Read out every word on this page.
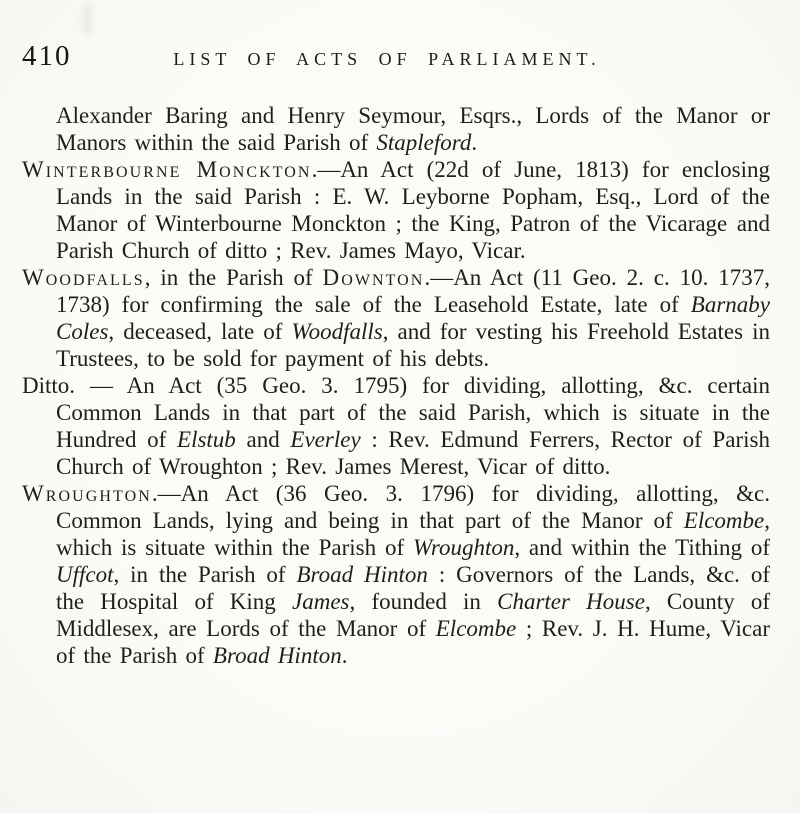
410	LIST OF ACTS OF PARLIAMENT.

Alexander Baring and Henry Seymour, Esqrs., Lords of the Manor or Manors within the said Parish of Stapleford.

Winterbourne Monckton.—An Act (22d of June, 1813) for enclosing Lands in the said Parish : E. W. Leyborne Popham, Esq., Lord of the Manor of Winterbourne Monckton ; the King, Patron of the Vicarage and Parish Church of ditto ; Rev. James Mayo, Vicar.

Woodfalls, in the Parish of Downton.—An Act (11 Geo. 2. c. 10. 1737, 1738) for confirming the sale of the Leasehold Estate, late of Barnaby Coles, deceased, late of Woodfalls, and for vesting his Freehold Estates in Trustees, to be sold for payment of his debts.

Ditto. — An Act (35 Geo. 3. 1795) for dividing, allotting, &c. certain Common Lands in that part of the said Parish, which is situate in the Hundred of Elstub and Everley : Rev. Edmund Ferrers, Rector of Parish Church of Wroughton ; Rev. James Merest, Vicar of ditto.

Wroughton.—An Act (36 Geo. 3. 1796) for dividing, allotting, &c. Common Lands, lying and being in that part of the Manor of Elcombe, which is situate within the Parish of Wroughton, and within the Tithing of Uffcot, in the Parish of Broad Hinton : Governors of the Lands, &c. of the Hospital of King James, founded in Charter House, County of Middlesex, are Lords of the Manor of Elcombe ; Rev. J. H. Hume, Vicar of the Parish of Broad Hinton.
